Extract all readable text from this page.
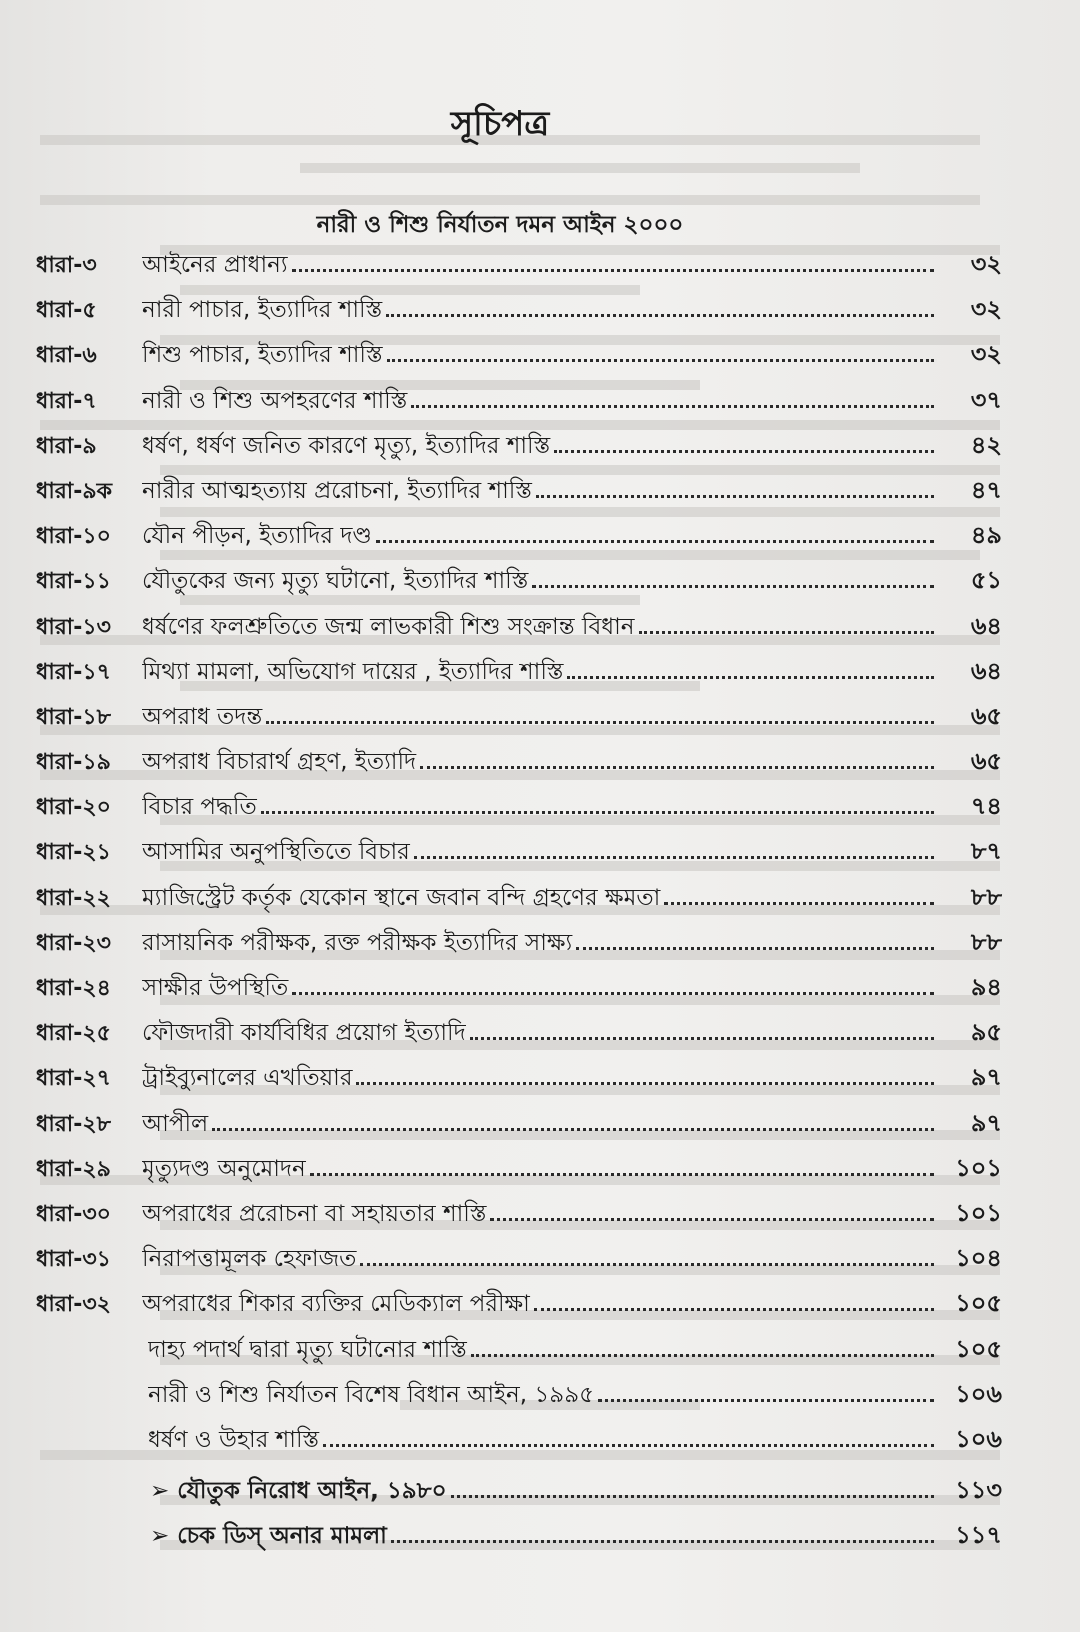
সূচিপত্র
নারী ও শিশু নির্যাতন দমন আইন ২০০০
ধারা-৩	আইনের প্রাধান্য	৩২
ধারা-৫	নারী পাচার, ইত্যাদির শাস্তি	৩২
ধারা-৬	শিশু পাচার, ইত্যাদির শাস্তি	৩২
ধারা-৭	নারী ও শিশু অপহরণের শাস্তি	৩৭
ধারা-৯	ধর্ষণ, ধর্ষণ জনিত কারণে মৃত্যু, ইত্যাদির শাস্তি	৪২
ধারা-৯ক	নারীর আত্মহত্যায় প্ররোচনা, ইত্যাদির শাস্তি	৪৭
ধারা-১০	যৌন পীড়ন, ইত্যাদির দণ্ড	৪৯
ধারা-১১	যৌতুকের জন্য মৃত্যু ঘটানো, ইত্যাদির শাস্তি	৫১
ধারা-১৩	ধর্ষণের ফলশ্রুতিতে জন্ম লাভকারী শিশু সংক্রান্ত বিধান	৬৪
ধারা-১৭	মিথ্যা মামলা, অভিযোগ দায়ের , ইত্যাদির শাস্তি	৬৪
ধারা-১৮	অপরাধ তদন্ত	৬৫
ধারা-১৯	অপরাধ বিচারার্থ গ্রহণ, ইত্যাদি	৬৫
ধারা-২০	বিচার পদ্ধতি	৭৪
ধারা-২১	আসামির অনুপস্থিতিতে বিচার	৮৭
ধারা-২২	ম্যাজিস্ট্রেট কর্তৃক যেকোন স্থানে জবান বন্দি গ্রহণের ক্ষমতা	৮৮
ধারা-২৩	রাসায়নিক পরীক্ষক, রক্ত পরীক্ষক ইত্যাদির সাক্ষ্য	৮৮
ধারা-২৪	সাক্ষীর উপস্থিতি	৯৪
ধারা-২৫	ফৌজদারী কার্যবিধির প্রয়োগ ইত্যাদি	৯৫
ধারা-২৭	ট্রাইব্যুনালের এখতিয়ার	৯৭
ধারা-২৮	আপীল	৯৭
ধারা-২৯	মৃত্যুদণ্ড অনুমোদন	১০১
ধারা-৩০	অপরাধের প্ররোচনা বা সহায়তার শাস্তি	১০১
ধারা-৩১	নিরাপত্তামূলক হেফাজত	১০৪
ধারা-৩২	অপরাধের শিকার ব্যক্তির মেডিক্যাল পরীক্ষা	১০৫
দাহ্য পদার্থ দ্বারা মৃত্যু ঘটানোর শাস্তি	১০৫
নারী ও শিশু নির্যাতন বিশেষ বিধান আইন, ১৯৯৫	১০৬
ধর্ষণ ও উহার শাস্তি	১০৬
➢ যৌতুক নিরোধ আইন, ১৯৮০	১১৩
➢ চেক ডিস্ অনার মামলা	১১৭
